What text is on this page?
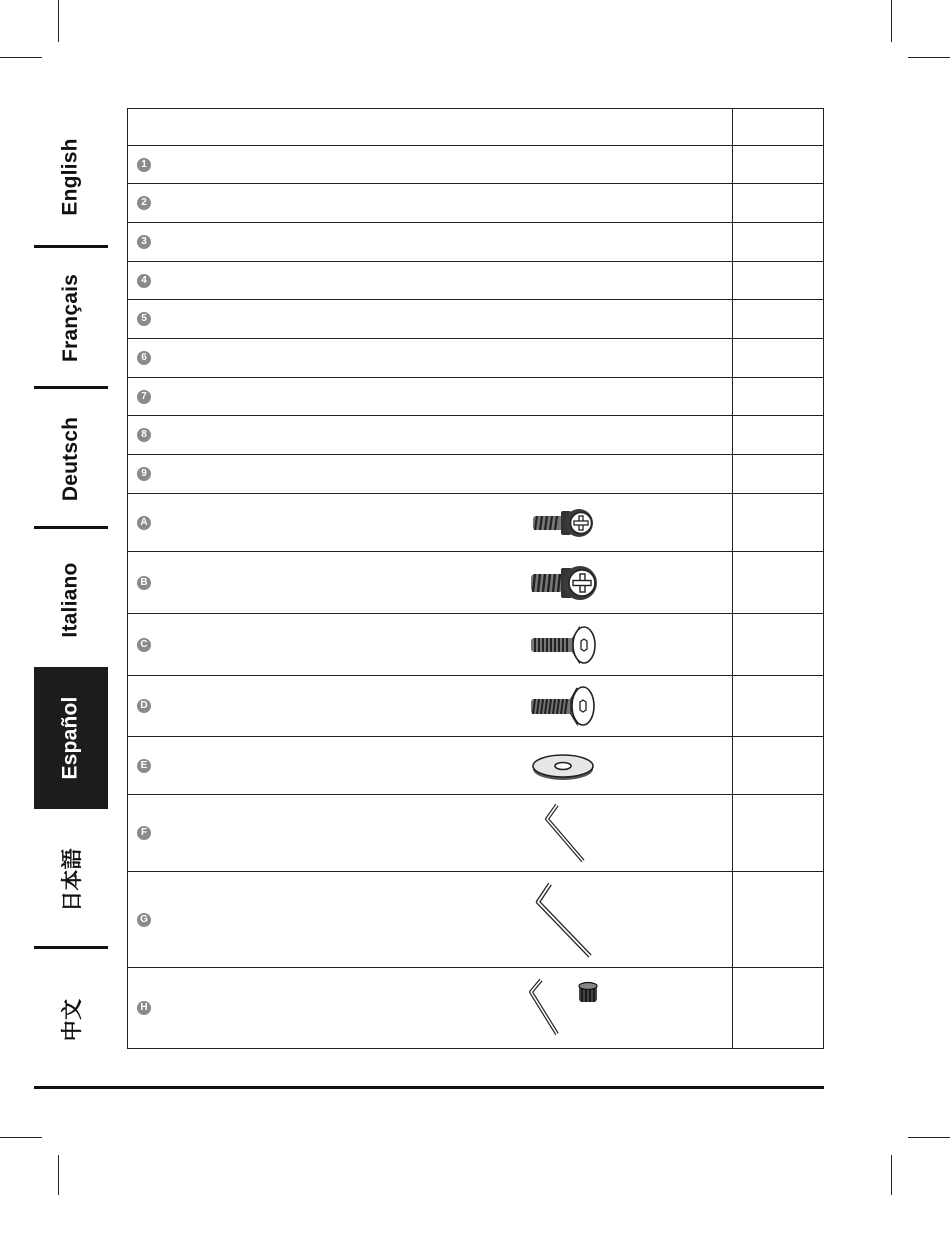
English
Français
Deutsch
Italiano
Español
日本語
中文

1	

2	

3	

4	

5	

6	

7	

8	

9	

A	

B	

C	

D	

E	

F	

G	

H	
